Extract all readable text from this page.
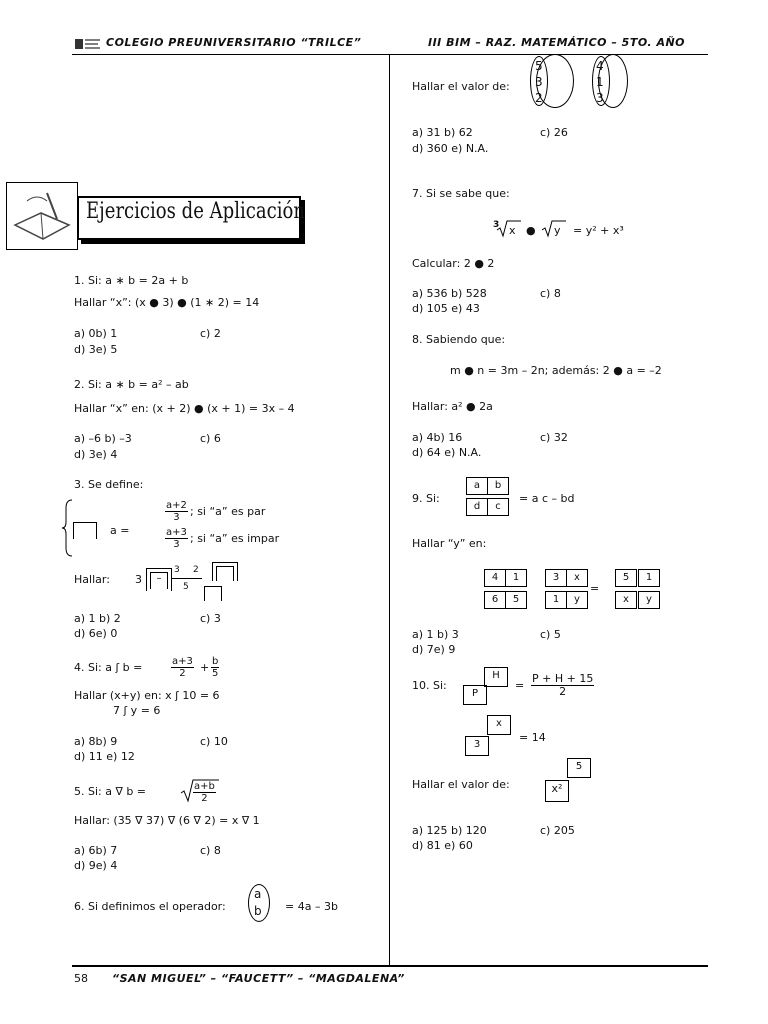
COLEGIO PREUNIVERSITARIO “TRILCE”	III BIM – RAZ. MATEMÁTICO – 5TO. AÑO
58 “SAN MIGUEL” – “FAUCETT” – “MAGDALENA”
Ejercicios de Aplicación
1. Si: a ∗ b = 2a + b
Hallar “x”: (x ● 3) ● (1 ∗ 2) = 14
a) 0b) 1	c) 2
d) 3e) 5
2. Si: a ∗ b = a² – ab
Hallar “x” en: (x + 2) ● (x + 1) = 3x – 4
a) –6 b) –3	c) 6
d) 3e) 4
3. Se define:
a =
$\frac{a+2}{3}$ ; si “a” es par
$\frac{a+3}{3}$ ; si “a” es impar
Hallar: 3	–
3 2
5
a) 1 b) 2	c) 3
d) 6e) 0
4. Si: a ʃ b =	$\frac{a+3}{2} + \frac{b}{5}$
Hallar (x+y) en: x ʃ 10 = 6
7 ʃ y = 6
a) 8b) 9	c) 10
d) 11 e) 12
5. Si: a ∇ b =	$\frac{a+b}{2}$
Hallar: (35 ∇ 37) ∇ (6 ∇ 2) = x ∇ 1
a) 6b) 7	c) 8
d) 9e) 4
6. Si definimos el operador:
a
b = 4a – 3b
Hallar el valor de:
5
3
2
4
1
3
a) 31 b) 62	c) 26
d) 360 e) N.A.
7. Si se sabe que:
3 x ● y = y² + x³
Calcular: 2 ● 2
a) 536 b) 528	c) 8
d) 105 e) 43
8. Sabiendo que:
m ● n = 3m – 2n; además: 2 ● a = –2
Hallar: a² ● 2a
a) 4b) 16	c) 32
d) 64 e) N.A.
9. Si:
a	b
d	c
= a c – bd
Hallar “y” en:
4	1
6	5
3	x
1	y
=
5	1
x	y
a) 1 b) 3	c) 5
d) 7e) 9
10. Si:
H
P
= $\frac{P + H + 15}{2}$
x
3
= 14
Hallar el valor de:
5
x²
a) 125 b) 120	c) 205
d) 81 e) 60
